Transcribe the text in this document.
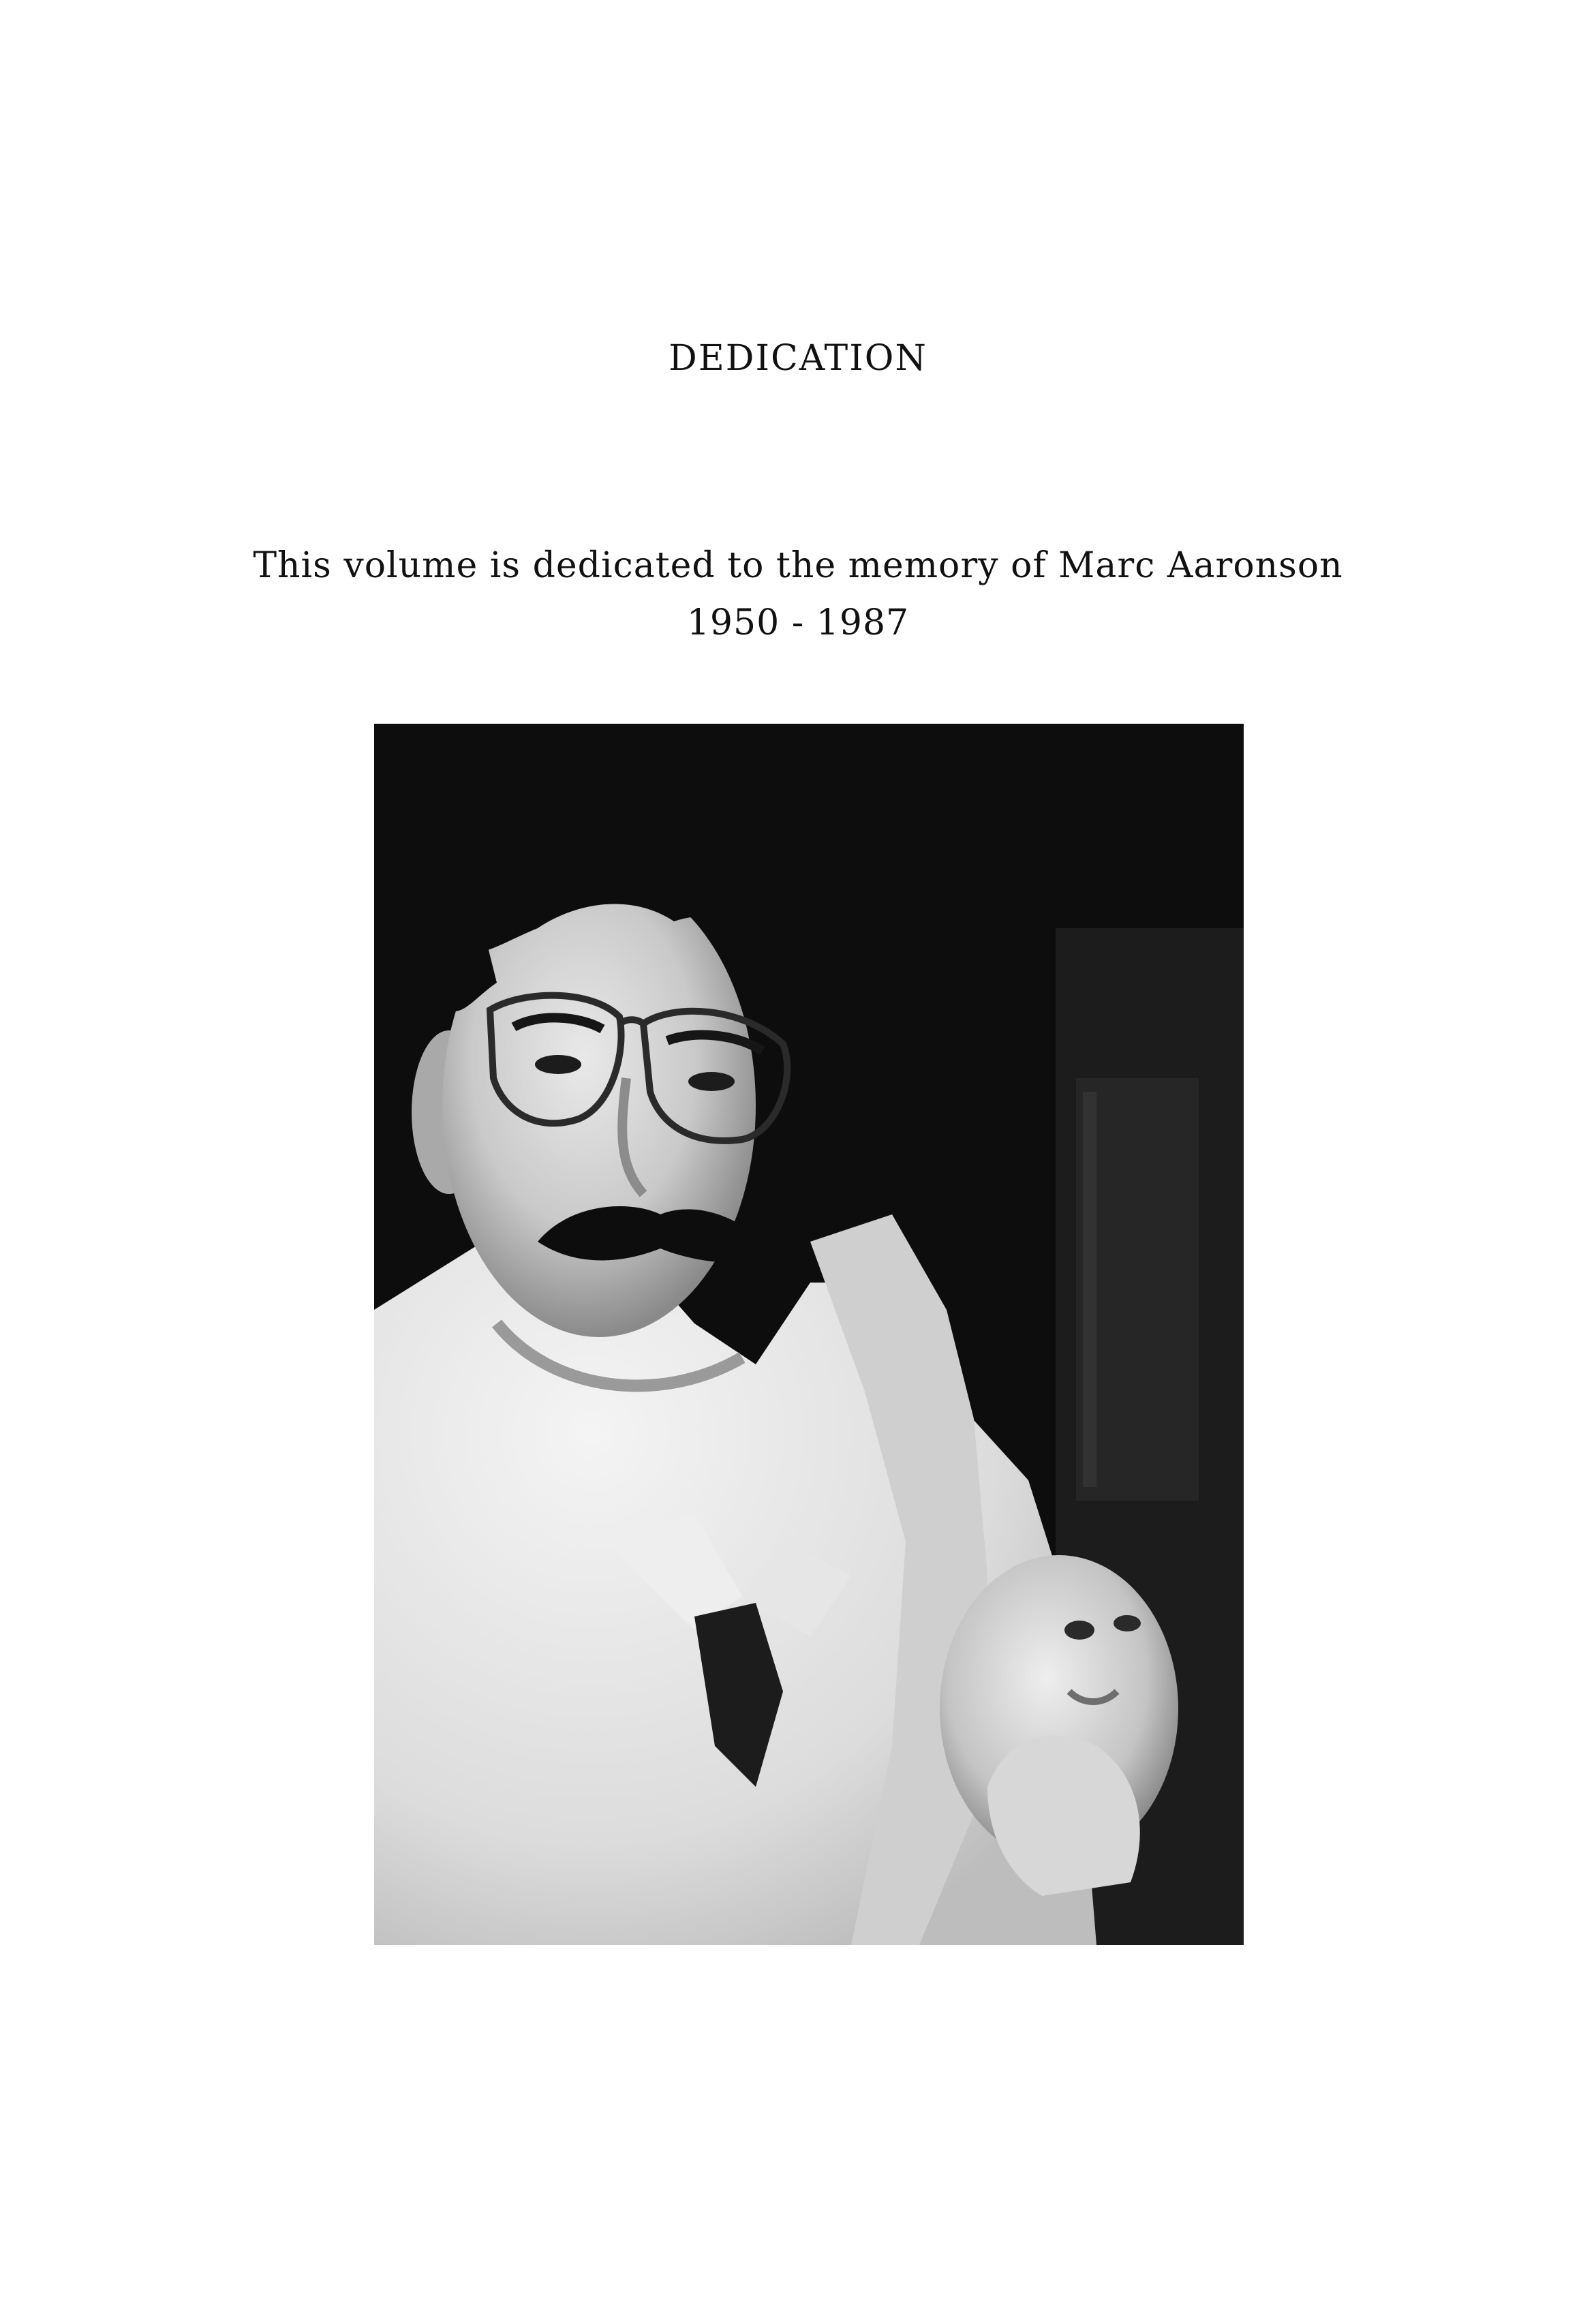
DEDICATION
This volume is dedicated to the memory of Marc Aaronson
1950 - 1987
